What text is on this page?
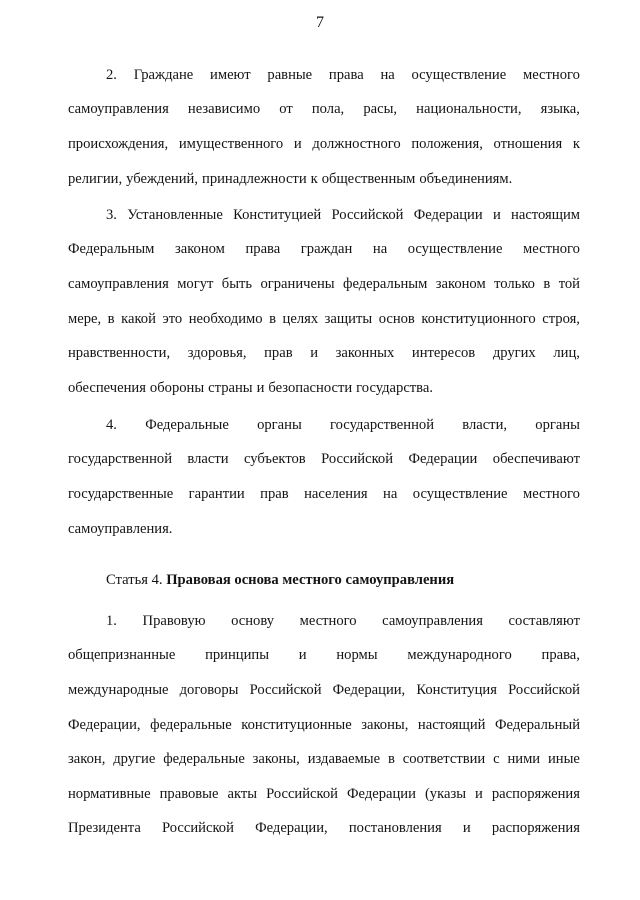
7
2. Граждане имеют равные права на осуществление местного
самоуправления независимо от пола, расы, национальности, языка,
происхождения, имущественного и должностного положения, отношения к
религии, убеждений, принадлежности к общественным объединениям.
3. Установленные Конституцией Российской Федерации и настоящим
Федеральным законом права граждан на осуществление местного
самоуправления могут быть ограничены федеральным законом только в той
мере, в какой это необходимо в целях защиты основ конституционного строя,
нравственности, здоровья, прав и законных интересов других лиц,
обеспечения обороны страны и безопасности государства.
4. Федеральные органы государственной власти, органы
государственной власти субъектов Российской Федерации обеспечивают
государственные гарантии прав населения на осуществление местного
самоуправления.
Статья 4. Правовая основа местного самоуправления
1. Правовую основу местного самоуправления составляют
общепризнанные принципы и нормы международного права,
международные договоры Российской Федерации, Конституция Российской
Федерации, федеральные конституционные законы, настоящий Федеральный
закон, другие федеральные законы, издаваемые в соответствии с ними иные
нормативные правовые акты Российской Федерации (указы и распоряжения
Президента Российской Федерации, постановления и распоряжения
